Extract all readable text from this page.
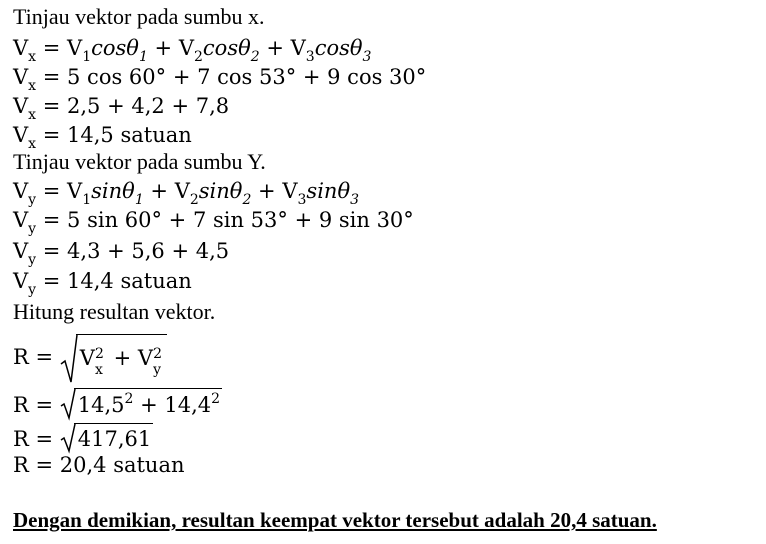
Tinjau vektor pada sumbu x.
$V_x = V_1\cos\theta_1 + V_2\cos\theta_2 + V_3\cos\theta_3$
$V_x = 5$ cos 60° + 7 cos 53° + 9 cos 30°
$V_x = 2,5 + 4,2 + 7,8$
$V_x = 14,5$ satuan
Tinjau vektor pada sumbu Y.
$V_y = V_1\sin\theta_1 + V_2\sin\theta_2 + V_3\sin\theta_3$
$V_y = 5$ sin 60° + 7 sin 53° + 9 sin 30°
$V_y = 4,3 + 5,6 + 4,5$
$V_y = 14,4$ satuan
Hitung resultan vektor.
R =
V 2
x + V 2
y
R =
$14,5^2 + 14,4^2$
R =
417,61
R = 20,4 satuan
Dengan demikian, resultan keempat vektor tersebut adalah 20,4 satuan.
